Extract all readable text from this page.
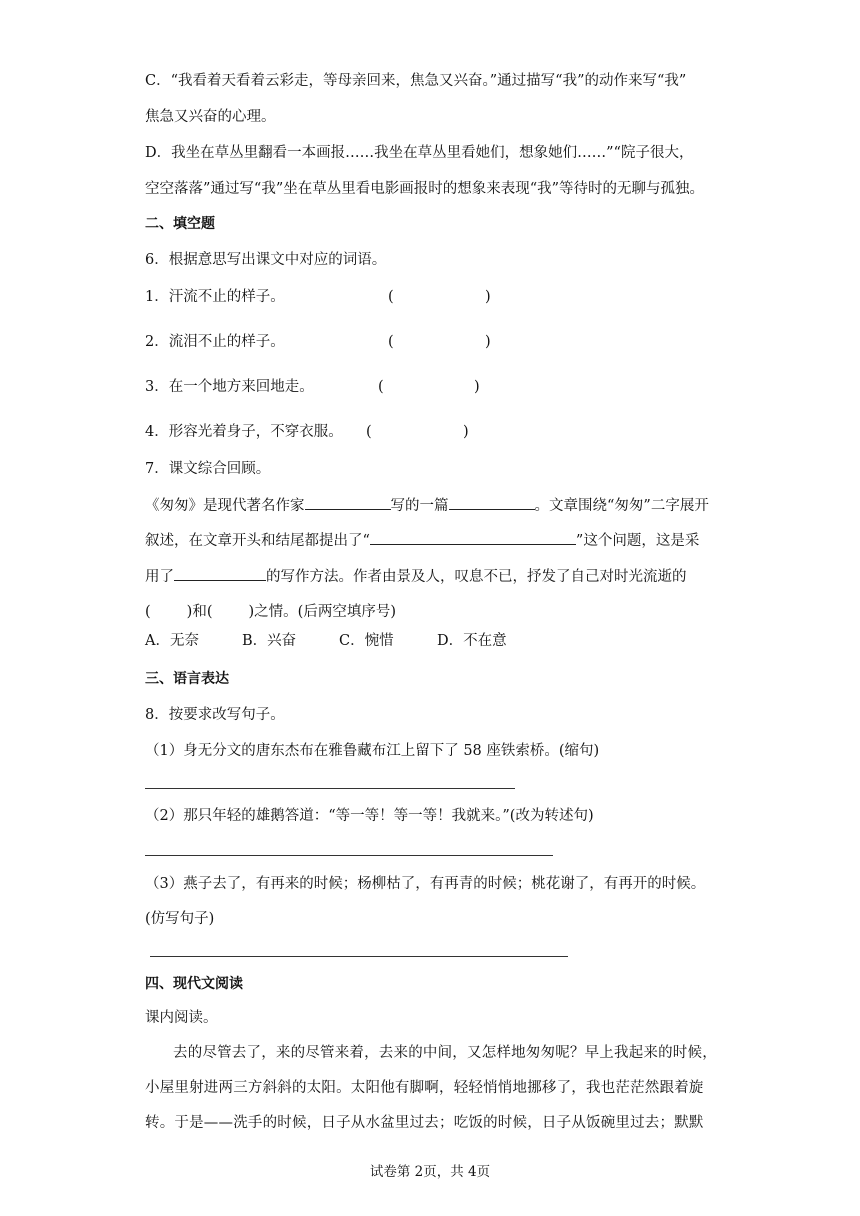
C．“我看着天看着云彩走，等母亲回来，焦急又兴奋。”通过描写“我”的动作来写“我”
焦急又兴奋的心理。
D．我坐在草丛里翻看一本画报……我坐在草丛里看她们，想象她们……”“院子很大，
空空落落”通过写“我”坐在草丛里看电影画报时的想象来表现“我”等待时的无聊与孤独。
二、填空题
6．根据意思写出课文中对应的词语。
1．汗流不止的样子。	(	)
2．流泪不止的样子。	(	)
3．在一个地方来回地走。	(	)
4．形容光着身子，不穿衣服。 (	)
7．课文综合回顾。
《匆匆》是现代著名作家	写的一篇	。文章围绕“匆匆”二字展开
叙述，在文章开头和结尾都提出了“	”这个问题，这是采
用了	的写作方法。作者由景及人，叹息不已，抒发了自己对时光流逝的
( )和( )之情。(后两空填序号)
A．无奈	B．兴奋	C．惋惜	D．不在意
三、语言表达
8．按要求改写句子。
（1）身无分文的唐东杰布在雅鲁藏布江上留下了 58 座铁索桥。(缩句)
（2）那只年轻的雄鹅答道：“等一等！等一等！我就来。”(改为转述句)
（3）燕子去了，有再来的时候；杨柳枯了，有再青的时候；桃花谢了，有再开的时候。
(仿写句子)
四、现代文阅读
课内阅读。
去的尽管去了，来的尽管来着，去来的中间，又怎样地匆匆呢？早上我起来的时候，
小屋里射进两三方斜斜的太阳。太阳他有脚啊，轻轻悄悄地挪移了，我也茫茫然跟着旋
转。于是——洗手的时候，日子从水盆里过去；吃饭的时候，日子从饭碗里过去；默默
试卷第 2页，共 4页
